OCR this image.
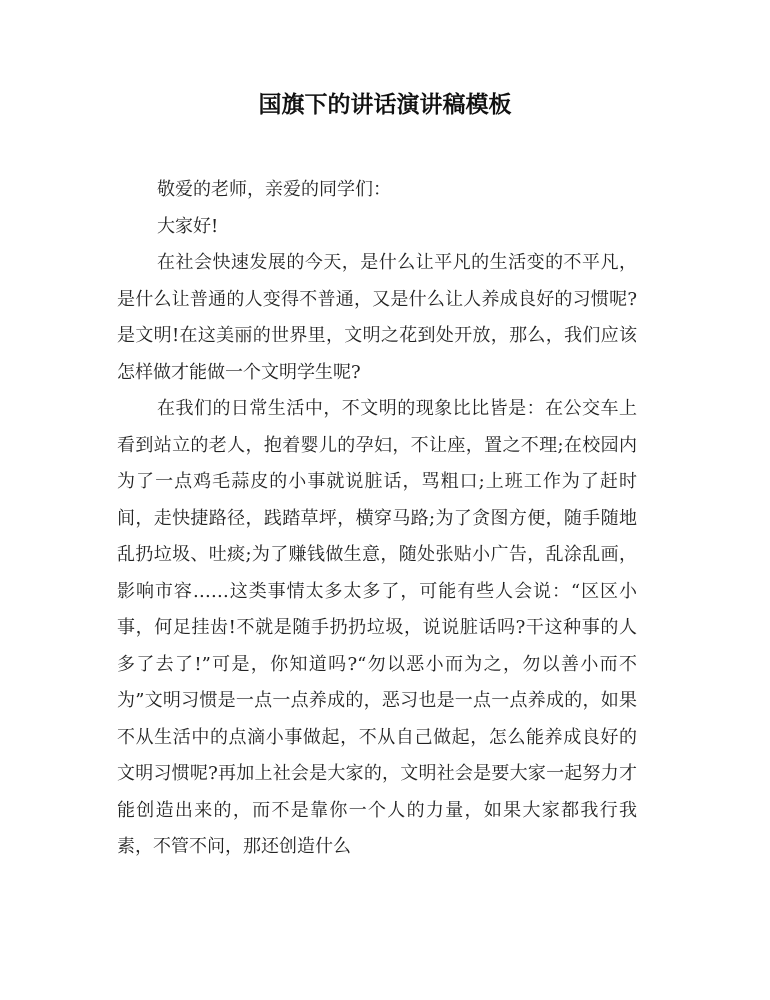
国旗下的讲话演讲稿模板

敬爱的老师，亲爱的同学们：

大家好!

在社会快速发展的今天，是什么让平凡的生活变的不平凡，是什么让普通的人变得不普通，又是什么让人养成良好的习惯呢?是文明!在这美丽的世界里，文明之花到处开放，那么，我们应该怎样做才能做一个文明学生呢?

在我们的日常生活中，不文明的现象比比皆是：在公交车上看到站立的老人，抱着婴儿的孕妇，不让座，置之不理;在校园内为了一点鸡毛蒜皮的小事就说脏话，骂粗口;上班工作为了赶时间，走快捷路径，践踏草坪，横穿马路;为了贪图方便，随手随地乱扔垃圾、吐痰;为了赚钱做生意，随处张贴小广告，乱涂乱画，影响市容……这类事情太多太多了，可能有些人会说：“区区小事，何足挂齿!不就是随手扔扔垃圾，说说脏话吗?干这种事的人多了去了!”可是，你知道吗?“勿以恶小而为之，勿以善小而不为”文明习惯是一点一点养成的，恶习也是一点一点养成的，如果不从生活中的点滴小事做起，不从自己做起，怎么能养成良好的文明习惯呢?再加上社会是大家的，文明社会是要大家一起努力才能创造出来的，而不是靠你一个人的力量，如果大家都我行我素，不管不问，那还创造什么
